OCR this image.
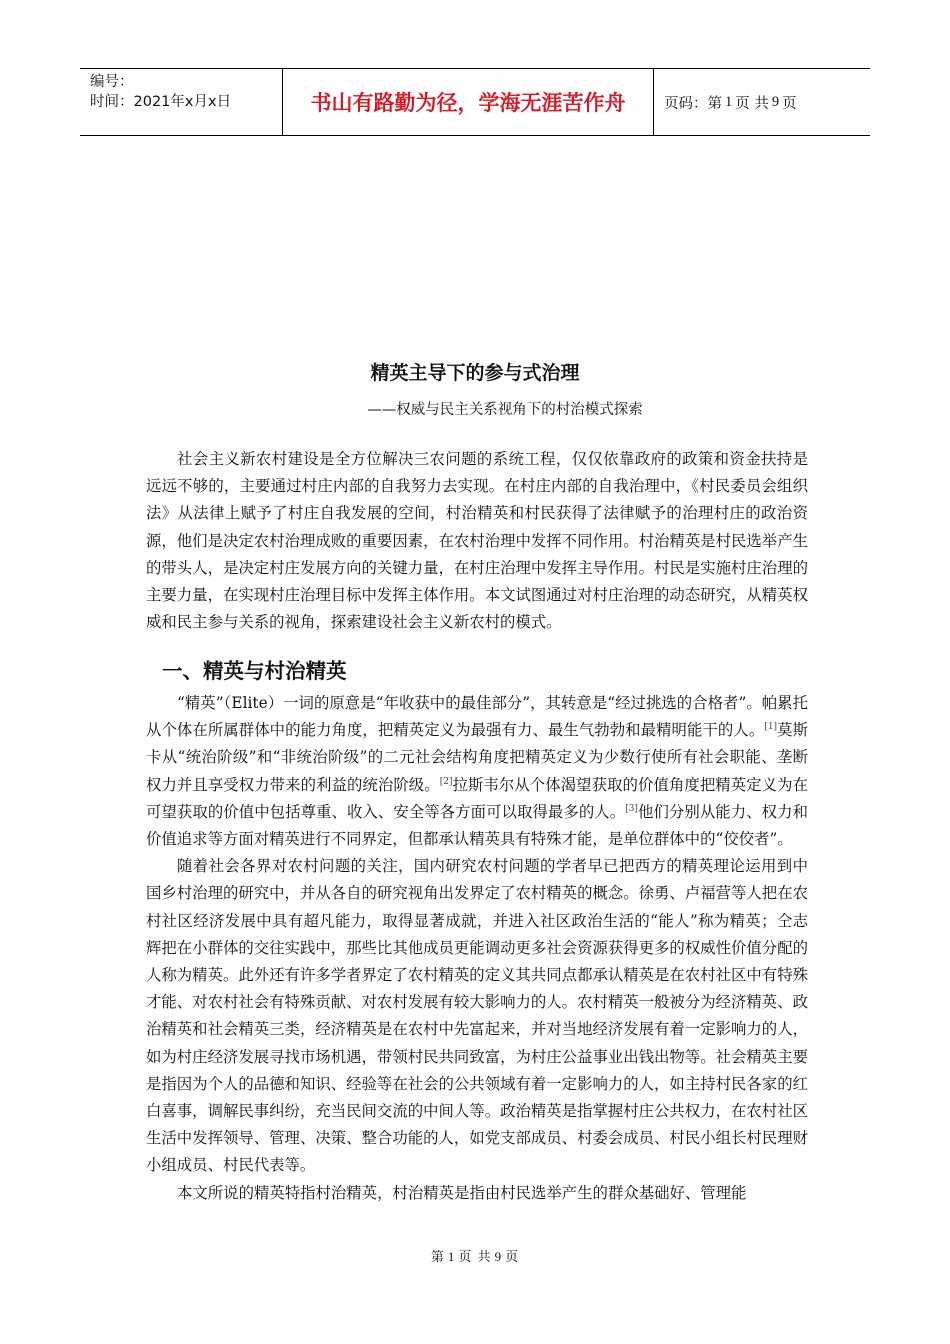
编号：
时间：2021年x月x日	书山有路勤为径，学海无涯苦作舟	页码：第 1 页 共 9 页
精英主导下的参与式治理
——权威与民主关系视角下的村治模式探索

社会主义新农村建设是全方位解决三农问题的系统工程，仅仅依靠政府的政策和资金扶持是远远不够的，主要通过村庄内部的自我努力去实现。在村庄内部的自我治理中，《村民委员会组织法》从法律上赋予了村庄自我发展的空间，村治精英和村民获得了法律赋予的治理村庄的政治资源，他们是决定农村治理成败的重要因素，在农村治理中发挥不同作用。村治精英是村民选举产生的带头人，是决定村庄发展方向的关键力量，在村庄治理中发挥主导作用。村民是实施村庄治理的主要力量，在实现村庄治理目标中发挥主体作用。本文试图通过对村庄治理的动态研究，从精英权威和民主参与关系的视角，探索建设社会主义新农村的模式。

一、精英与村治精英

“精英”（Elite）一词的原意是“年收获中的最佳部分”，其转意是“经过挑选的合格者”。帕累托从个体在所属群体中的能力角度，把精英定义为最强有力、最生气勃勃和最精明能干的人。[1]莫斯卡从“统治阶级”和“非统治阶级”的二元社会结构角度把精英定义为少数行使所有社会职能、垄断权力并且享受权力带来的利益的统治阶级。[2]拉斯韦尔从个体渴望获取的价值角度把精英定义为在可望获取的价值中包括尊重、收入、安全等各方面可以取得最多的人。[3]他们分别从能力、权力和价值追求等方面对精英进行不同界定，但都承认精英具有特殊才能，是单位群体中的“佼佼者”。

随着社会各界对农村问题的关注，国内研究农村问题的学者早已把西方的精英理论运用到中国乡村治理的研究中，并从各自的研究视角出发界定了农村精英的概念。徐勇、卢福营等人把在农村社区经济发展中具有超凡能力，取得显著成就，并进入社区政治生活的“能人”称为精英；仝志辉把在小群体的交往实践中，那些比其他成员更能调动更多社会资源获得更多的权威性价值分配的人称为精英。此外还有许多学者界定了农村精英的定义其共同点都承认精英是在农村社区中有特殊才能、对农村社会有特殊贡献、对农村发展有较大影响力的人。农村精英一般被分为经济精英、政治精英和社会精英三类，经济精英是在农村中先富起来，并对当地经济发展有着一定影响力的人，如为村庄经济发展寻找市场机遇，带领村民共同致富，为村庄公益事业出钱出物等。社会精英主要是指因为个人的品德和知识、经验等在社会的公共领域有着一定影响力的人，如主持村民各家的红白喜事，调解民事纠纷，充当民间交流的中间人等。政治精英是指掌握村庄公共权力，在农村社区生活中发挥领导、管理、决策、整合功能的人，如党支部成员、村委会成员、村民小组长村民理财小组成员、村民代表等。

本文所说的精英特指村治精英，村治精英是指由村民选举产生的群众基础好、管理能

第 1 页 共 9 页
